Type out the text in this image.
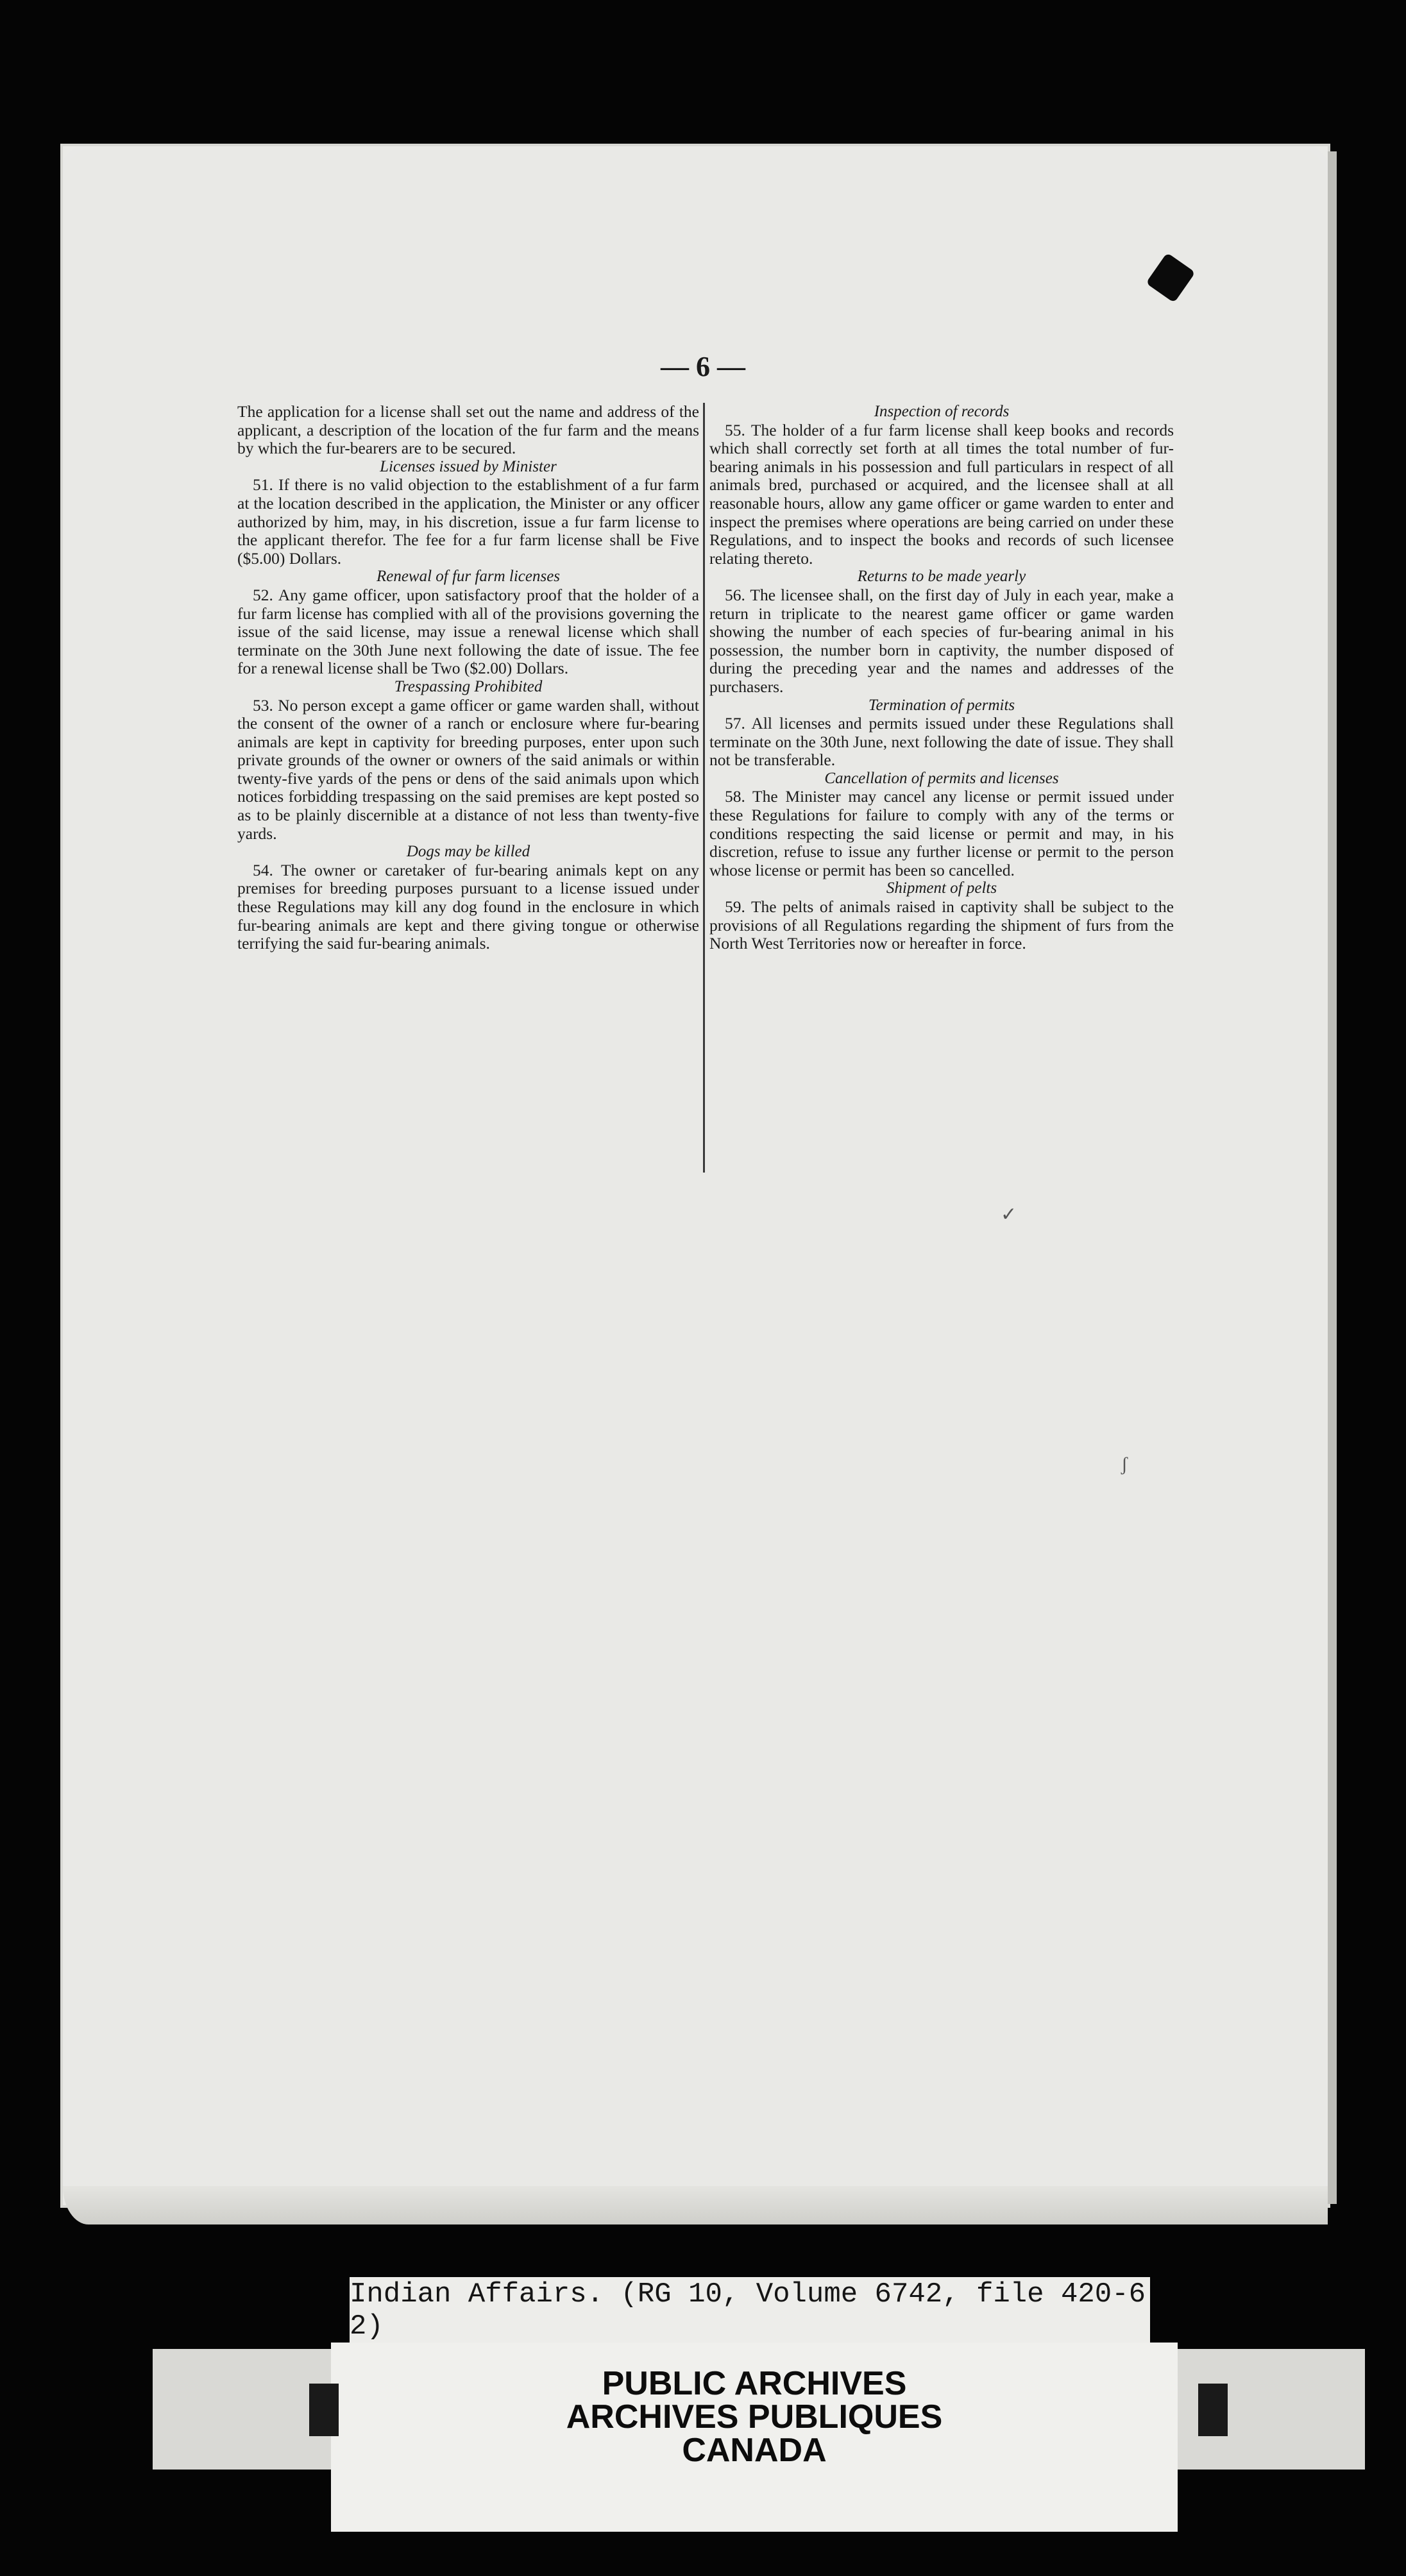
✓
ʃ
— 6 —

The application for a license shall set out the name and address of the applicant, a description of the location of the fur farm and the means by which the fur-bearers are to be secured.

Licenses issued by Minister

51. If there is no valid objection to the establishment of a fur farm at the location described in the application, the Minister or any officer authorized by him, may, in his discretion, issue a fur farm license to the applicant therefor. The fee for a fur farm license shall be Five ($5.00) Dollars.

Renewal of fur farm licenses

52. Any game officer, upon satisfactory proof that the holder of a fur farm license has complied with all of the provisions governing the issue of the said license, may issue a renewal license which shall terminate on the 30th June next following the date of issue. The fee for a renewal license shall be Two ($2.00) Dollars.

Trespassing Prohibited

53. No person except a game officer or game warden shall, without the consent of the owner of a ranch or enclosure where fur-bearing animals are kept in captivity for breeding purposes, enter upon such private grounds of the owner or owners of the said animals or within twenty-five yards of the pens or dens of the said animals upon which notices forbidding trespassing on the said premises are kept posted so as to be plainly discernible at a distance of not less than twenty-five yards.

Dogs may be killed

54. The owner or caretaker of fur-bearing animals kept on any premises for breeding purposes pursuant to a license issued under these Regulations may kill any dog found in the enclosure in which fur-bearing animals are kept and there giving tongue or otherwise terrifying the said fur-bearing animals.

Inspection of records

55. The holder of a fur farm license shall keep books and records which shall correctly set forth at all times the total number of fur-bearing animals in his possession and full particulars in respect of all animals bred, purchased or acquired, and the licensee shall at all reasonable hours, allow any game officer or game warden to enter and inspect the premises where operations are being carried on under these Regulations, and to inspect the books and records of such licensee relating thereto.

Returns to be made yearly

56. The licensee shall, on the first day of July in each year, make a return in triplicate to the nearest game officer or game warden showing the number of each species of fur-bearing animal in his possession, the number born in captivity, the number disposed of during the preceding year and the names and addresses of the purchasers.

Termination of permits

57. All licenses and permits issued under these Regulations shall terminate on the 30th June, next following the date of issue. They shall not be transferable.

Cancellation of permits and licenses

58. The Minister may cancel any license or permit issued under these Regulations for failure to comply with any of the terms or conditions respecting the said license or permit and may, in his discretion, refuse to issue any further license or permit to the person whose license or permit has been so cancelled.

Shipment of pelts

59. The pelts of animals raised in captivity shall be subject to the provisions of all Regulations regarding the shipment of furs from the North West Territories now or hereafter in force.

Indian Affairs. (RG 10, Volume 6742, file 420-6 2)
PUBLIC ARCHIVES
ARCHIVES PUBLIQUES
CANADA
